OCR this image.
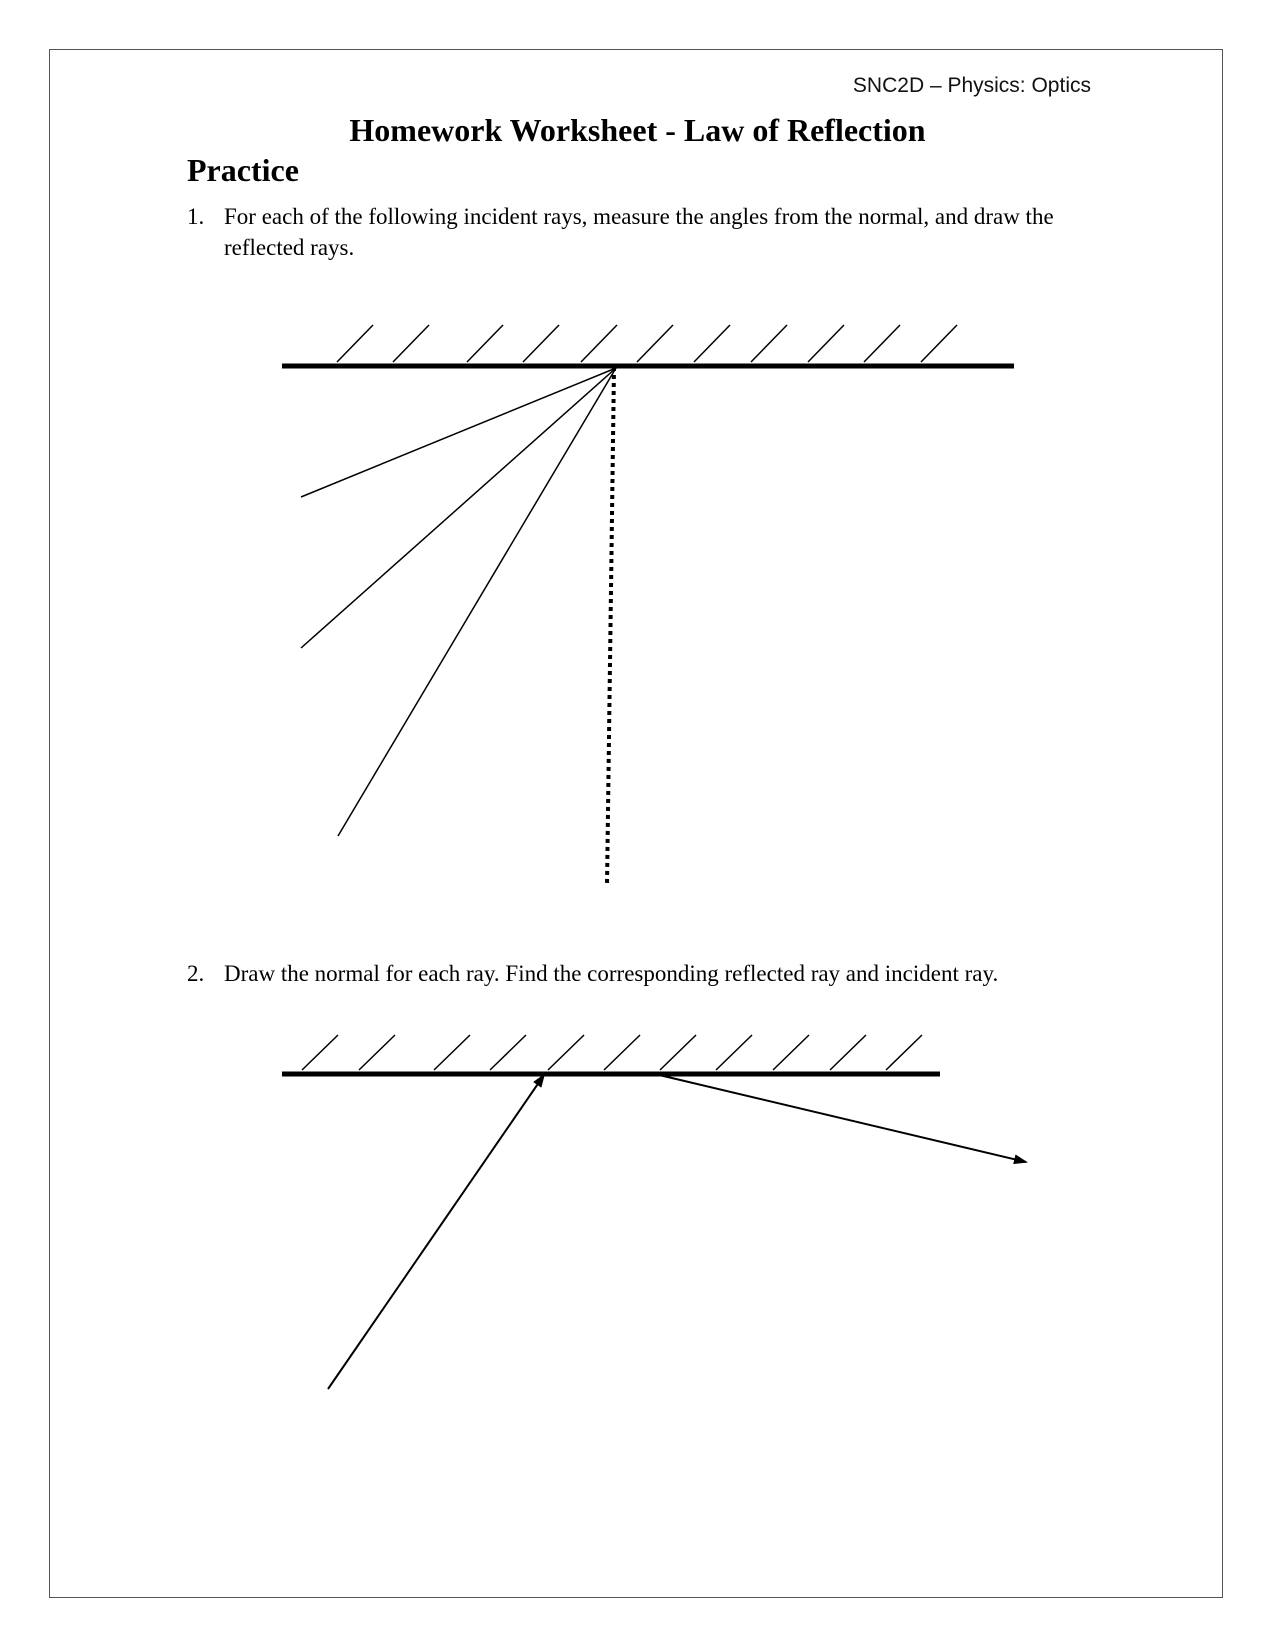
SNC2D – Physics: Optics
Homework Worksheet - Law of Reflection
Practice
1. For each of the following incident rays, measure the angles from the normal, and draw the reflected rays.
2. Draw the normal for each ray. Find the corresponding reflected ray and incident ray.
